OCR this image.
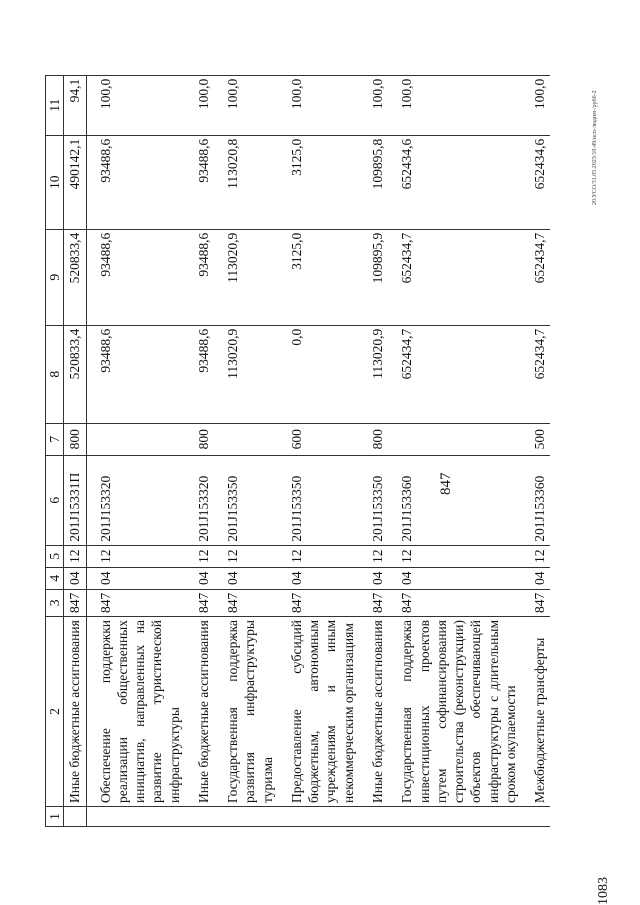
847
1083
20.УСО/31.05.2023/10:49/исп-/вадим-/рр66-2
1	2	3	4	5	6	7	8	9	10	11
	Иные бюджетные ассигнования	847	04	12	201J15331П	800	520833,4	520833,4	490142,1	94,1
	Обеспечение поддержки реализации общественных инициатив, направленных на развитие туристической инфраструктуры	847	04	12	201J153320		93488,6	93488,6	93488,6	100,0
	Иные бюджетные ассигнования	847	04	12	201J153320	800	93488,6	93488,6	93488,6	100,0
	Государственная поддержка развития инфраструктуры туризма	847	04	12	201J153350		113020,9	113020,9	113020,8	100,0
	Предоставление субсидий бюджетным, автономным учреждениям и иным некоммерческим организациям	847	04	12	201J153350	600	0,0	3125,0	3125,0	100,0
	Иные бюджетные ассигнования	847	04	12	201J153350	800	113020,9	109895,9	109895,8	100,0
	Государственная поддержка инвестиционных проектов путем софинансирования строительства (реконструкции) объектов обеспечивающей инфраструктуры с длительным сроком окупаемости	847	04	12	201J153360		652434,7	652434,7	652434,6	100,0
	Межбюджетные трансферты	847	04	12	201J153360	500	652434,7	652434,7	652434,6	100,0
